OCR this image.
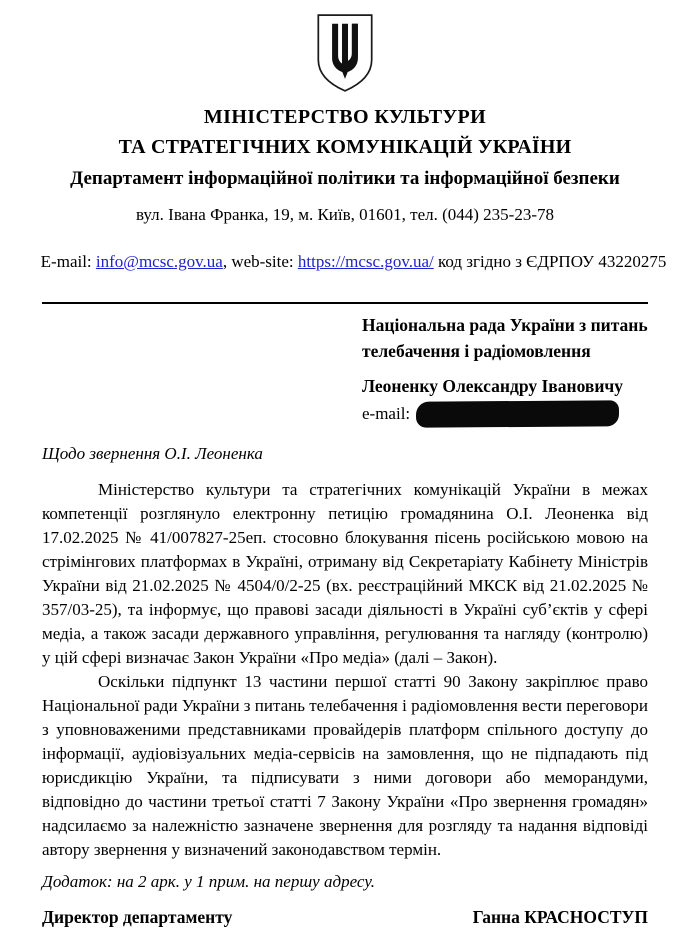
МІНІСТЕРСТВО КУЛЬТУРИ
ТА СТРАТЕГІЧНИХ КОМУНІКАЦІЙ УКРАЇНИ
Департамент інформаційної політики та інформаційної безпеки
вул. Івана Франка, 19, м. Київ, 01601, тел. (044) 235-23-78

E-mail: info@mcsc.gov.ua, web-site: https://mcsc.gov.ua/ код згідно з ЄДРПОУ 43220275

Національна рада України з питань
телебачення і радіомовлення
Леоненку Олександру Івановичу
e-mail:
Щодо звернення О.І. Леоненка

Міністерство культури та стратегічних комунікацій України в межах компетенції розглянуло електронну петицію громадянина О.І. Леоненка від 17.02.2025 № 41/007827-25еп. стосовно блокування пісень російською мовою на стрімінгових платформах в Україні, отриману від Секретаріату Кабінету Міністрів України від 21.02.2025 № 4504/0/2-25 (вх. реєстраційний МКСК від 21.02.2025 № 357/03-25), та інформує, що правові засади діяльності в Україні суб’єктів у сфері медіа, а також засади державного управління, регулювання та нагляду (контролю) у цій сфері визначає Закон України «Про медіа» (далі – Закон).

Оскільки підпункт 13 частини першої статті 90 Закону закріплює право Національної ради України з питань телебачення і радіомовлення вести переговори з уповноваженими представниками провайдерів платформ спільного доступу до інформації, аудіовізуальних медіа-сервісів на замовлення, що не підпадають під юрисдикцію України, та підписувати з ними договори або меморандуми, відповідно до частини третьої статті 7 Закону України «Про звернення громадян» надсилаємо за належністю зазначене звернення для розгляду та надання відповіді автору звернення у визначений законодавством термін.

Додаток: на 2 арк. у 1 прим. на першу адресу.
Директор департаменту	Ганна КРАСНОСТУП
